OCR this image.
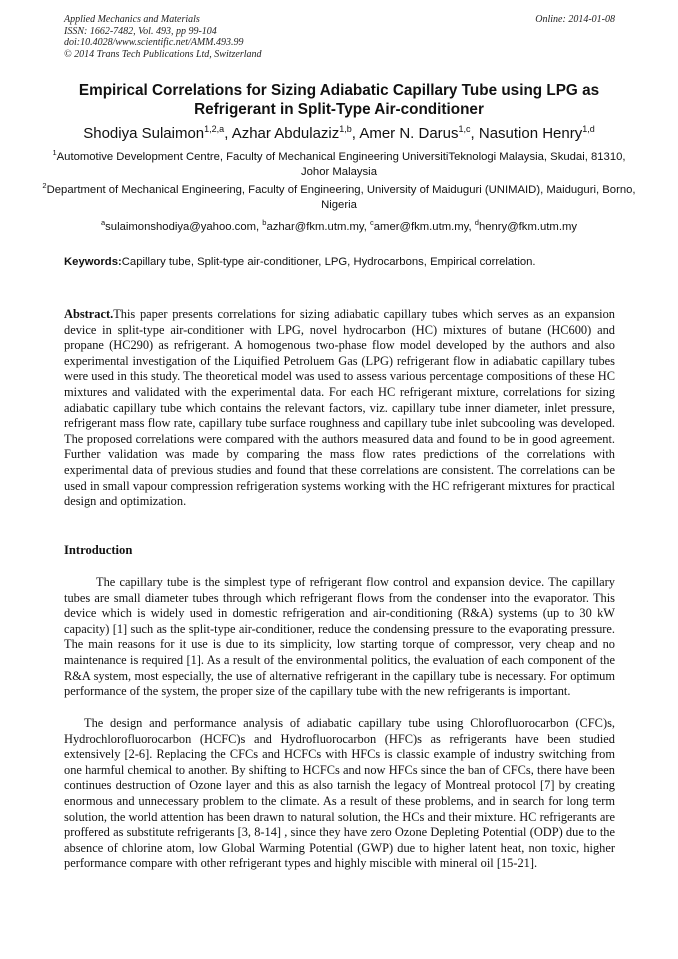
Applied Mechanics and Materials
ISSN: 1662-7482, Vol. 493, pp 99-104
doi:10.4028/www.scientific.net/AMM.493.99
© 2014 Trans Tech Publications Ltd, Switzerland
Online: 2014-01-08
Empirical Correlations for Sizing Adiabatic Capillary Tube using LPG as Refrigerant in Split-Type Air-conditioner
Shodiya Sulaimon$^{1,2,a}$, Azhar Abdulaziz$^{1,b}$, Amer N. Darus$^{1,c}$, Nasution Henry$^{1,d}$
$^1$Automotive Development Centre, Faculty of Mechanical Engineering UniversitiTeknologi Malaysia, Skudai, 81310, Johor Malaysia
$^2$Department of Mechanical Engineering, Faculty of Engineering, University of Maiduguri (UNIMAID), Maiduguri, Borno, Nigeria
$^a$sulaimonshodiya@yahoo.com, $^b$azhar@fkm.utm.my, $^c$amer@fkm.utm.my, $^d$henry@fkm.utm.my
Keywords:Capillary tube, Split-type air-conditioner, LPG, Hydrocarbons, Empirical correlation.
Abstract.This paper presents correlations for sizing adiabatic capillary tubes which serves as an expansion device in split-type air-conditioner with LPG, novel hydrocarbon (HC) mixtures of butane (HC600) and propane (HC290) as refrigerant. A homogenous two-phase flow model developed by the authors and also experimental investigation of the Liquified Petroluem Gas (LPG) refrigerant flow in adiabatic capillary tubes were used in this study. The theoretical model was used to assess various percentage compositions of these HC mixtures and validated with the experimental data. For each HC refrigerant mixture, correlations for sizing adiabatic capillary tube which contains the relevant factors, viz. capillary tube inner diameter, inlet pressure, refrigerant mass flow rate, capillary tube surface roughness and capillary tube inlet subcooling was developed. The proposed correlations were compared with the authors measured data and found to be in good agreement. Further validation was made by comparing the mass flow rates predictions of the correlations with experimental data of previous studies and found that these correlations are consistent. The correlations can be used in small vapour compression refrigeration systems working with the HC refrigerant mixtures for practical design and optimization.
Introduction

The capillary tube is the simplest type of refrigerant flow control and expansion device. The capillary tubes are small diameter tubes through which refrigerant flows from the condenser into the evaporator. This device which is widely used in domestic refrigeration and air-conditioning (R&A) systems (up to 30 kW capacity) [1] such as the split-type air-conditioner, reduce the condensing pressure to the evaporating pressure. The main reasons for it use is due to its simplicity, low starting torque of compressor, very cheap and no maintenance is required [1]. As a result of the environmental politics, the evaluation of each component of the R&A system, most especially, the use of alternative refrigerant in the capillary tube is necessary. For optimum performance of the system, the proper size of the capillary tube with the new refrigerants is important.

The design and performance analysis of adiabatic capillary tube using Chlorofluorocarbon (CFC)s, Hydrochlorofluorocarbon (HCFC)s and Hydrofluorocarbon (HFC)s as refrigerants have been studied extensively [2-6]. Replacing the CFCs and HCFCs with HFCs is classic example of industry switching from one harmful chemical to another. By shifting to HCFCs and now HFCs since the ban of CFCs, there have been continues destruction of Ozone layer and this as also tarnish the legacy of Montreal protocol [7] by creating enormous and unnecessary problem to the climate. As a result of these problems, and in search for long term solution, the world attention has been drawn to natural solution, the HCs and their mixture. HC refrigerants are proffered as substitute refrigerants [3, 8-14] , since they have zero Ozone Depleting Potential (ODP) due to the absence of chlorine atom, low Global Warming Potential (GWP) due to higher latent heat, non toxic, higher performance compare with other refrigerant types and highly miscible with mineral oil [15-21].
